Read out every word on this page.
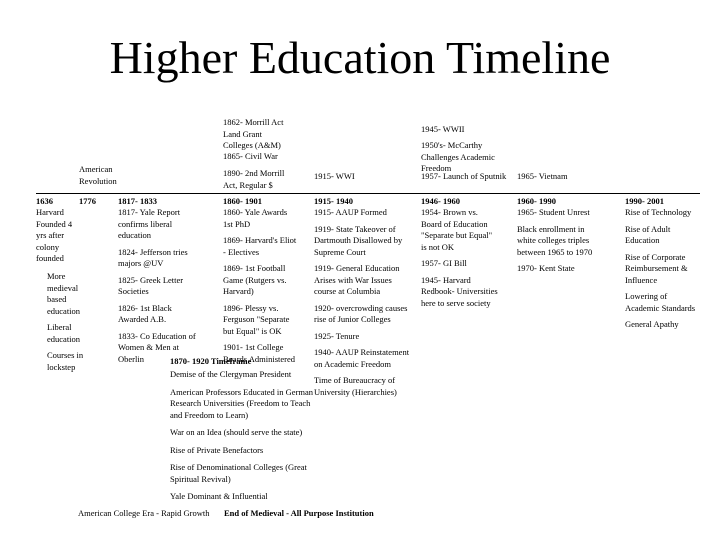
Higher Education Timeline
1862- Morrill Act
Land Grant
Colleges (A&M)
1865- Civil War
1890- 2nd Morrill
Act, Regular $
1945- WWII
1950's- McCarthy
Challenges Academic
Freedom
American
Revolution	1915- WWI	1957- Launch of Sputnik 1965- Vietnam
1636
Harvard
Founded 4
yrs after
colony
founded
1776
More
medieval
based
education
Liberal
education
Courses in
lockstep
1817- 1833
1817- Yale Report
confirms liberal
education
1824- Jefferson tries
majors @UV
1825- Greek Letter
Societies
1826- 1st Black
Awarded A.B.
1833- Co Education of
Women & Men at
Oberlin
1860- 1901
1860- Yale Awards
1st PhD
1869- Harvard's Eliot
- Electives
1869- 1st Football
Game (Rutgers vs.
Harvard)
1896- Plessy vs.
Ferguson "Separate
but Equal" is OK
1901- 1st College
Boards Administered
1915- 1940
1915- AAUP Formed
1919- State Takeover of
Dartmouth Disallowed by
Supreme Court
1919- General Education
Arises with War Issues
course at Columbia
1920- overcrowding causes
rise of Junior Colleges
1925- Tenure
1940- AAUP Reinstatement
on Academic Freedom
Time of Bureaucracy of
University (Hierarchies)
1946- 1960
1954- Brown vs.
Board of Education
"Separate but Equal"
is not OK
1957- GI Bill
1945- Harvard
Redbook- Universities
here to serve society
1960- 1990
1965- Student Unrest
Black enrollment in
white colleges triples
between 1965 to 1970
1970- Kent State
1990- 2001
Rise of Technology
Rise of Adult
Education
Rise of Corporate
Reimbursement &
Influence
Lowering of
Academic Standards
General Apathy
1870- 1920 Timeframe
Demise of the Clergyman President
American Professors Educated in German
Research Universities (Freedom to Teach
and Freedom to Learn)
War on an Idea (should serve the state)
Rise of Private Benefactors
Rise of Denominational Colleges (Great
Spiritual Revival)
Yale Dominant & Influential
American College Era - Rapid Growth End of Medieval - All Purpose Institution
